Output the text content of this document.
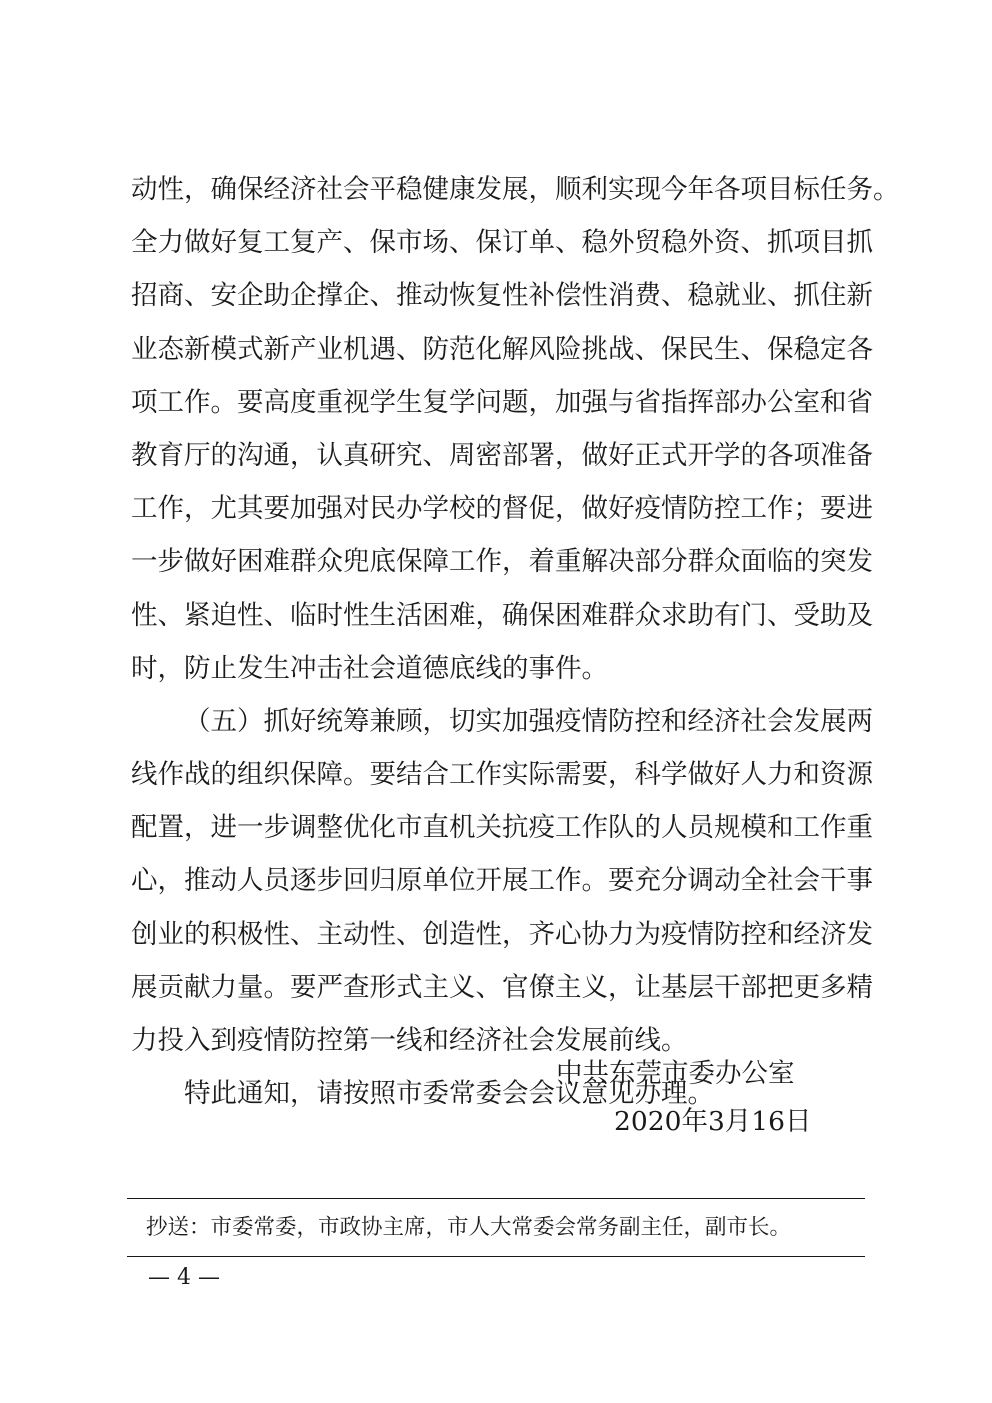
动性，确保经济社会平稳健康发展，顺利实现今年各项目标任务。
全力做好复工复产、保市场、保订单、稳外贸稳外资、抓项目抓
招商、安企助企撑企、推动恢复性补偿性消费、稳就业、抓住新
业态新模式新产业机遇、防范化解风险挑战、保民生、保稳定各
项工作。要高度重视学生复学问题，加强与省指挥部办公室和省
教育厅的沟通，认真研究、周密部署，做好正式开学的各项准备
工作，尤其要加强对民办学校的督促，做好疫情防控工作；要进
一步做好困难群众兜底保障工作，着重解决部分群众面临的突发
性、紧迫性、临时性生活困难，确保困难群众求助有门、受助及
时，防止发生冲击社会道德底线的事件。
（五）抓好统筹兼顾，切实加强疫情防控和经济社会发展两
线作战的组织保障。要结合工作实际需要，科学做好人力和资源
配置，进一步调整优化市直机关抗疫工作队的人员规模和工作重
心，推动人员逐步回归原单位开展工作。要充分调动全社会干事
创业的积极性、主动性、创造性，齐心协力为疫情防控和经济发
展贡献力量。要严查形式主义、官僚主义，让基层干部把更多精
力投入到疫情防控第一线和经济社会发展前线。
特此通知，请按照市委常委会会议意见办理。
中共东莞市委办公室
2020年3月16日
抄送：市委常委，市政协主席，市人大常委会常务副主任，副市长。
— 4 —
